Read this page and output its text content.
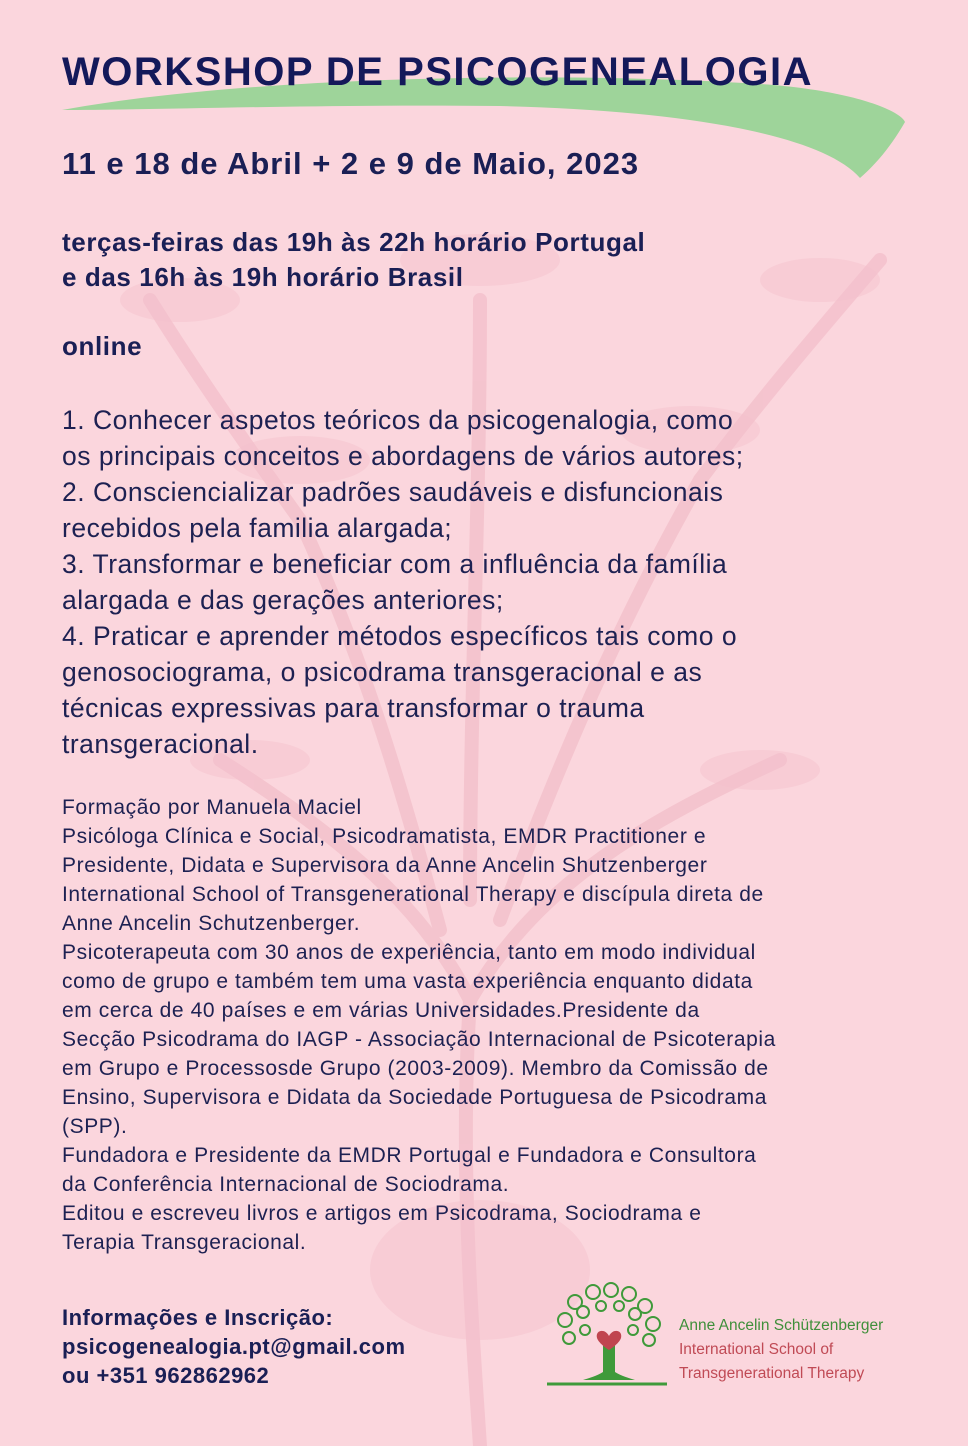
WORKSHOP DE PSICOGENEALOGIA
11 e 18 de Abril + 2 e 9 de Maio, 2023
terças-feiras das 19h às 22h horário Portugal
e das 16h às 19h horário Brasil
online
1. Conhecer aspetos teóricos da psicogenalogia, como
os principais conceitos e abordagens de vários autores;
2. Consciencializar padrões saudáveis e disfuncionais
recebidos pela familia alargada;
3. Transformar e beneficiar com a influência da família
alargada e das gerações anteriores;
4. Praticar e aprender métodos específicos tais como o
genosociograma, o psicodrama transgeracional e as
técnicas expressivas para transformar o trauma
transgeracional.
Formação por Manuela Maciel
Psicóloga Clínica e Social, Psicodramatista, EMDR Practitioner e
Presidente, Didata e Supervisora da Anne Ancelin Shutzenberger
International School of Transgenerational Therapy e discípula direta de
Anne Ancelin Schutzenberger.
Psicoterapeuta com 30 anos de experiência, tanto em modo individual
como de grupo e também tem uma vasta experiência enquanto didata
em cerca de 40 países e em várias Universidades.Presidente da
Secção Psicodrama do IAGP - Associação Internacional de Psicoterapia
em Grupo e Processosde Grupo (2003-2009). Membro da Comissão de
Ensino, Supervisora e Didata da Sociedade Portuguesa de Psicodrama
(SPP).
Fundadora e Presidente da EMDR Portugal e Fundadora e Consultora
da Conferência Internacional de Sociodrama.
Editou e escreveu livros e artigos em Psicodrama, Sociodrama e
Terapia Transgeracional.
Informações e Inscrição:
psicogenealogia.pt@gmail.com
ou +351 962862962
Anne Ancelin Schützenberger
International School of
Transgenerational Therapy
